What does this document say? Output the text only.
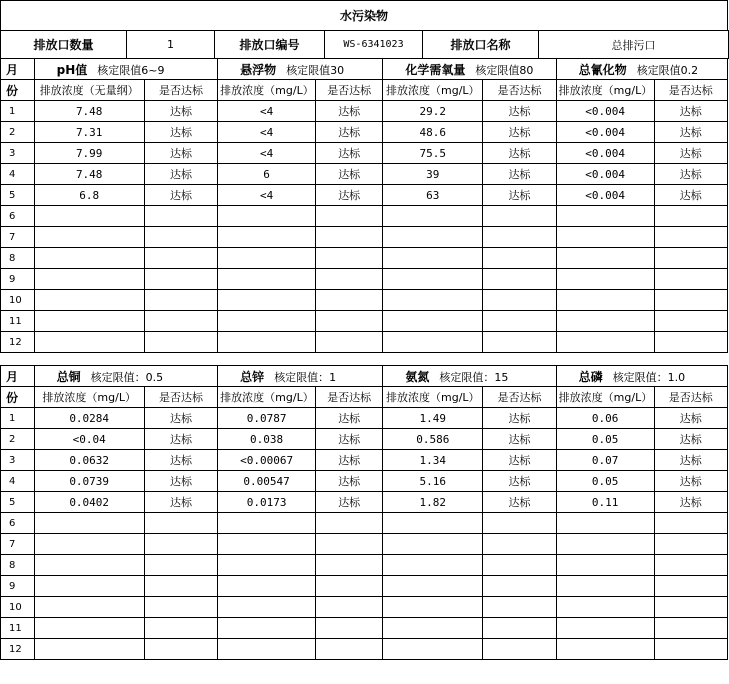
水污染物
排放口数量	1	排放口编号	WS-6341023	排放口名称	总排污口
月	pH值 核定限值6~9		悬浮物 核定限值30		化学需氧量 核定限值80		总氰化物 核定限值0.2	
份	排放浓度（无量纲）	是否达标	排放浓度（mg/L）	是否达标	排放浓度（mg/L）	是否达标	排放浓度（mg/L）	是否达标
1	7.48	达标	<4	达标	29.2	达标	<0.004	达标
2	7.31	达标	<4	达标	48.6	达标	<0.004	达标
3	7.99	达标	<4	达标	75.5	达标	<0.004	达标
4	7.48	达标	6	达标	39	达标	<0.004	达标
5	6.8	达标	<4	达标	63	达标	<0.004	达标
6								
7								
8								
9								
10								
11								
12								
月	总铜 核定限值：0.5		总锌 核定限值：1		氨氮 核定限值：15		总磷 核定限值：1.0	
份	排放浓度（mg/L）	是否达标	排放浓度（mg/L）	是否达标	排放浓度（mg/L）	是否达标	排放浓度（mg/L）	是否达标
1	0.0284	达标	0.0787	达标	1.49	达标	0.06	达标
2	<0.04	达标	0.038	达标	0.586	达标	0.05	达标
3	0.0632	达标	<0.00067	达标	1.34	达标	0.07	达标
4	0.0739	达标	0.00547	达标	5.16	达标	0.05	达标
5	0.0402	达标	0.0173	达标	1.82	达标	0.11	达标
6								
7								
8								
9								
10								
11								
12								
